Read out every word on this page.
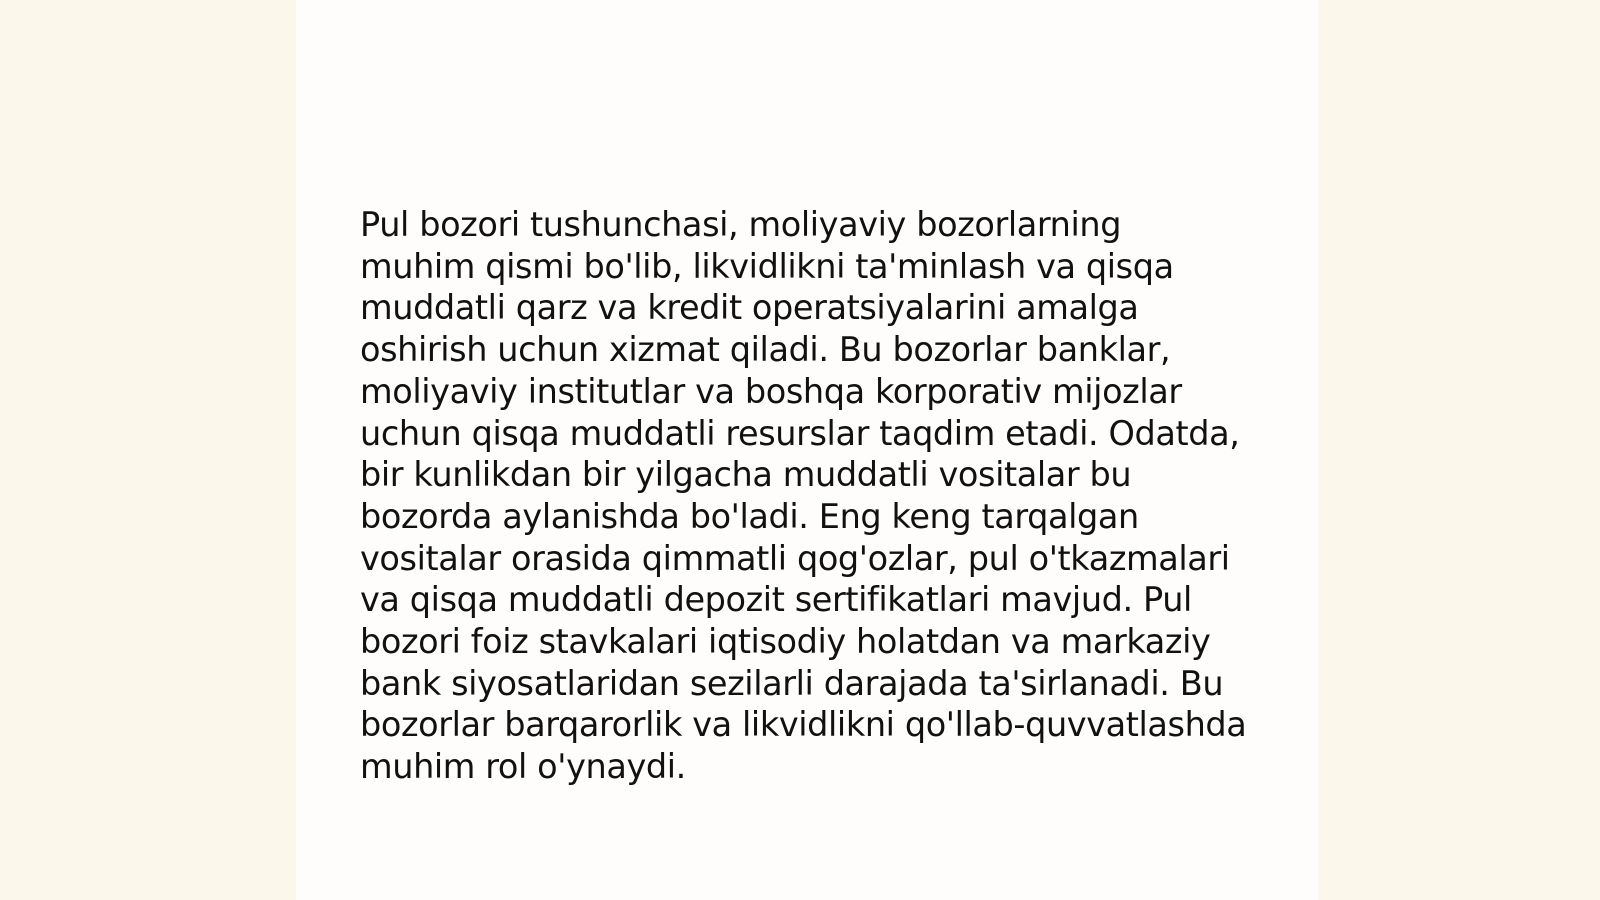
Pul bozori tushunchasi, moliyaviy bozorlarning
muhim qismi bo'lib, likvidlikni ta'minlash va qisqa
muddatli qarz va kredit operatsiyalarini amalga
oshirish uchun xizmat qiladi. Bu bozorlar banklar,
moliyaviy institutlar va boshqa korporativ mijozlar
uchun qisqa muddatli resurslar taqdim etadi. Odatda,
bir kunlikdan bir yilgacha muddatli vositalar bu
bozorda aylanishda bo'ladi. Eng keng tarqalgan
vositalar orasida qimmatli qog'ozlar, pul o'tkazmalari
va qisqa muddatli depozit sertifikatlari mavjud. Pul
bozori foiz stavkalari iqtisodiy holatdan va markaziy
bank siyosatlaridan sezilarli darajada ta'sirlanadi. Bu
bozorlar barqarorlik va likvidlikni qo'llab-quvvatlashda
muhim rol o'ynaydi.
